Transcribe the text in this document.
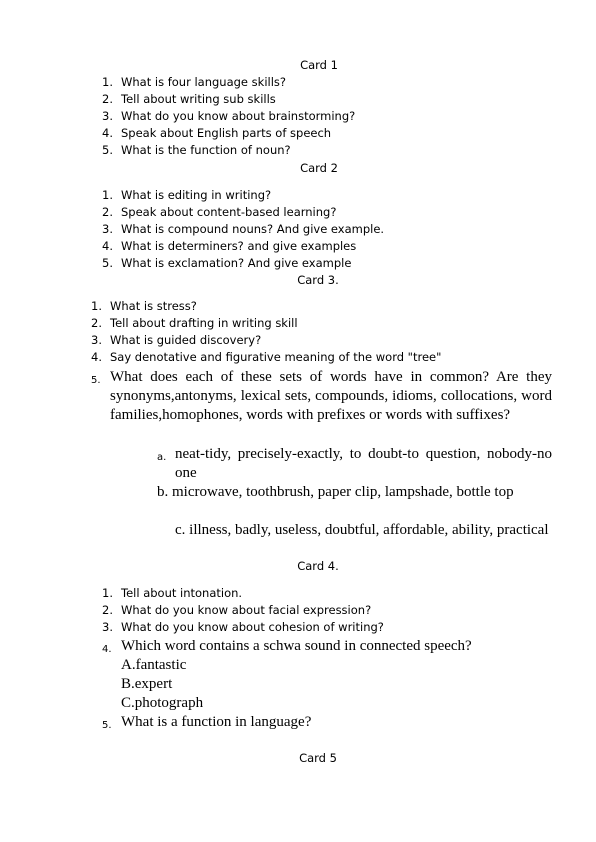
Card 1
1. What is four language skills?
2. Tell about writing sub skills
3. What do you know about brainstorming?
4. Speak about English parts of speech
5. What is the function of noun?
Card 2
1. What is editing in writing?
2. Speak about content-based learning?
3. What is compound nouns? And give example.
4. What is determiners? and give examples
5. What is exclamation? And give example
Card 3.
1. What is stress?
2. Tell about drafting in writing skill
3. What is guided discovery?
4. Say denotative and figurative meaning of the word "tree"
5. What does each of these sets of words have in common? Are they synonyms,antonyms, lexical sets, compounds, idioms, collocations, word families,homophones, words with prefixes or words with suffixes?
a. neat-tidy, precisely-exactly, to doubt-to question, nobody-no one
b. microwave, toothbrush, paper clip, lampshade, bottle top
c. illness, badly, useless, doubtful, affordable, ability, practical
Card 4.
1. Tell about intonation.
2. What do you know about facial expression?
3. What do you know about cohesion of writing?
4. Which word contains a schwa sound in connected speech?
A.fantastic
B.expert
C.photograph
5. What is a function in language?
Card 5
